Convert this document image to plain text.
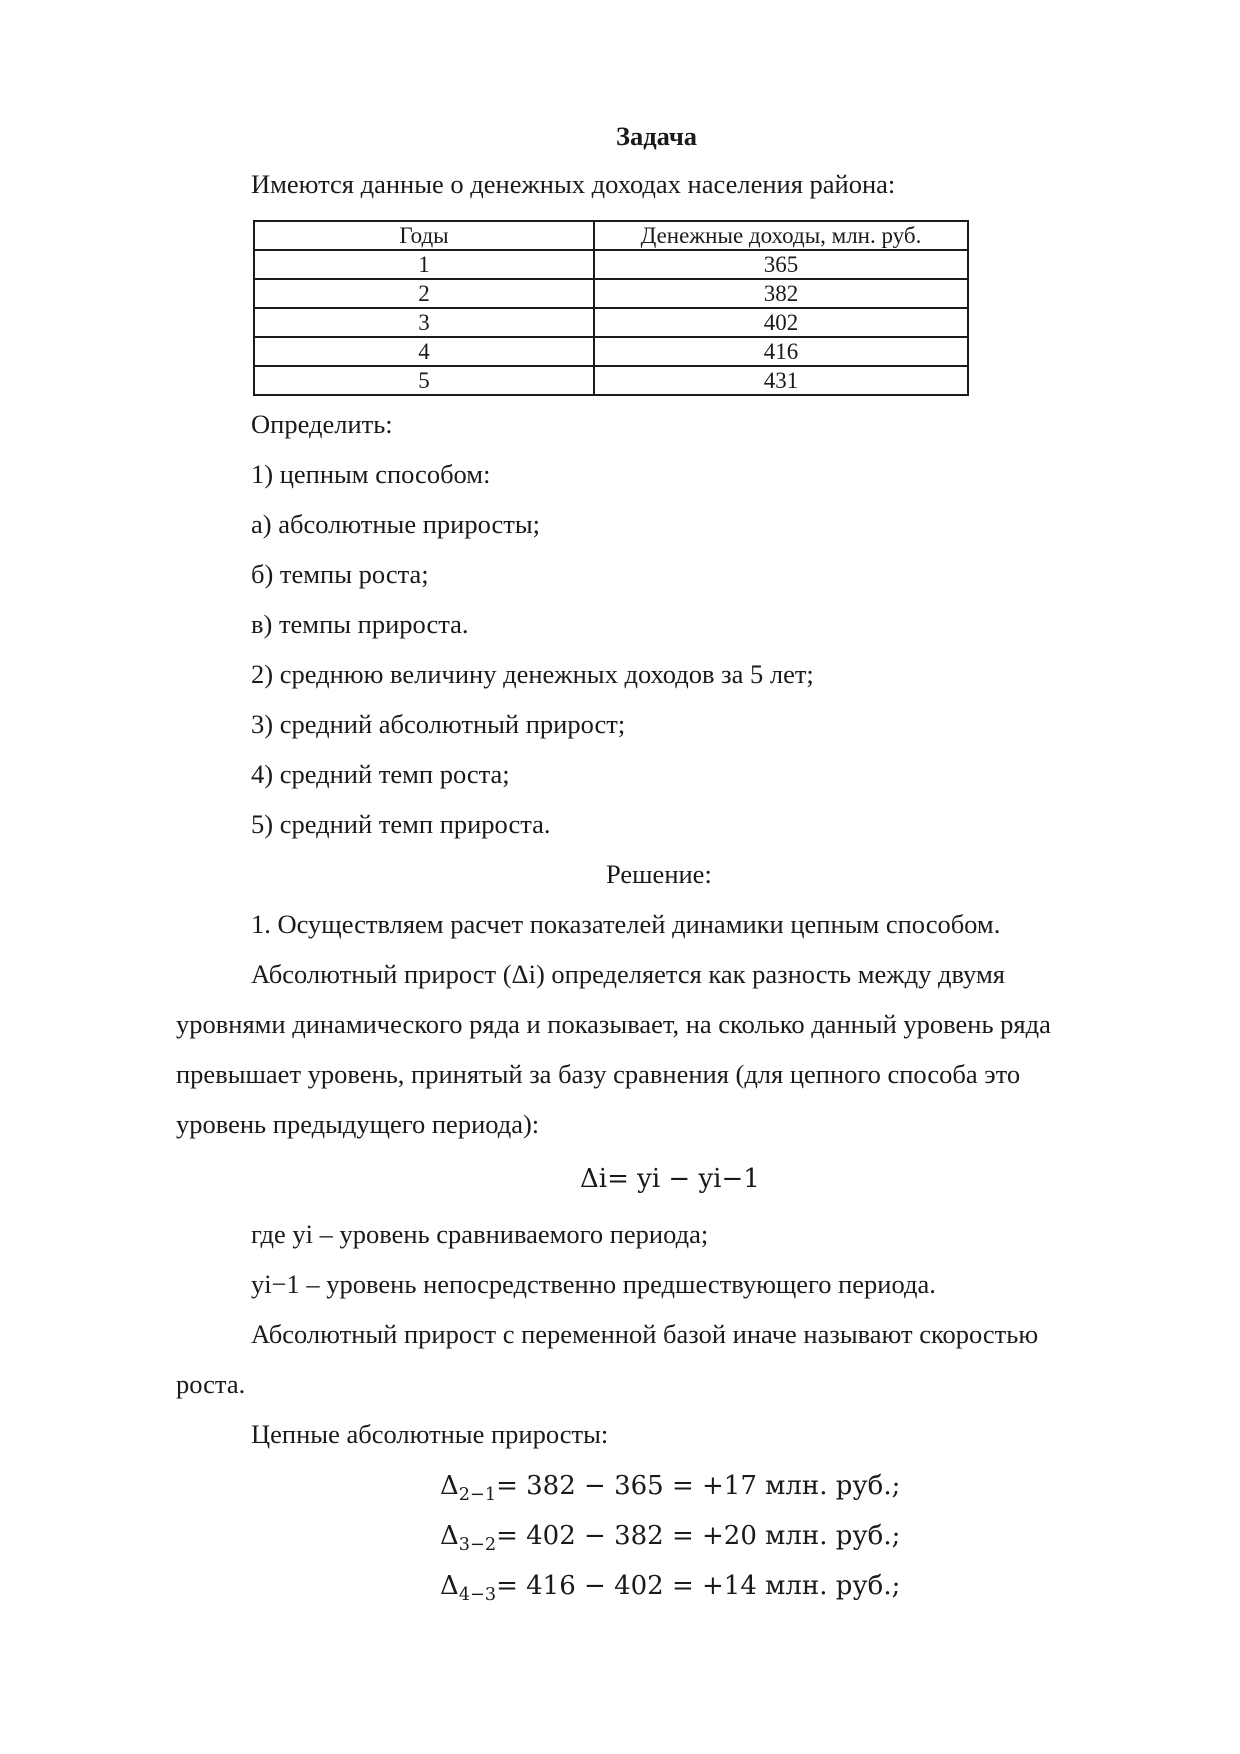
Задача
Имеются данные о денежных доходах населения района:
Годы	Денежные доходы, млн. руб.
1	365
2	382
3	402
4	416
5	431
Определить:
1) цепным способом:
а) абсолютные приросты;
б) темпы роста;
в) темпы прироста.
2) среднюю величину денежных доходов за 5 лет;
3) средний абсолютный прирост;
4) средний темп роста;
5) средний темп прироста.
Решение:
1. Осуществляем расчет показателей динамики цепным способом.
Абсолютный прирост (Δi) определяется как разность между двумя
уровнями динамического ряда и показывает, на сколько данный уровень ряда
превышает уровень, принятый за базу сравнения (для цепного способа это
уровень предыдущего периода):
Δi= yi − yi−1
где yi – уровень сравниваемого периода;
yi−1 – уровень непосредственно предшествующего периода.
Абсолютный прирост с переменной базой иначе называют скоростью
роста.
Цепные абсолютные приросты:
$\Delta_{2-1}= 382 - 365 = +17$ млн. руб.;
$\Delta_{3-2}= 402 - 382 = +20$ млн. руб.;
$\Delta_{4-3}= 416 - 402 = +14$ млн. руб.;
